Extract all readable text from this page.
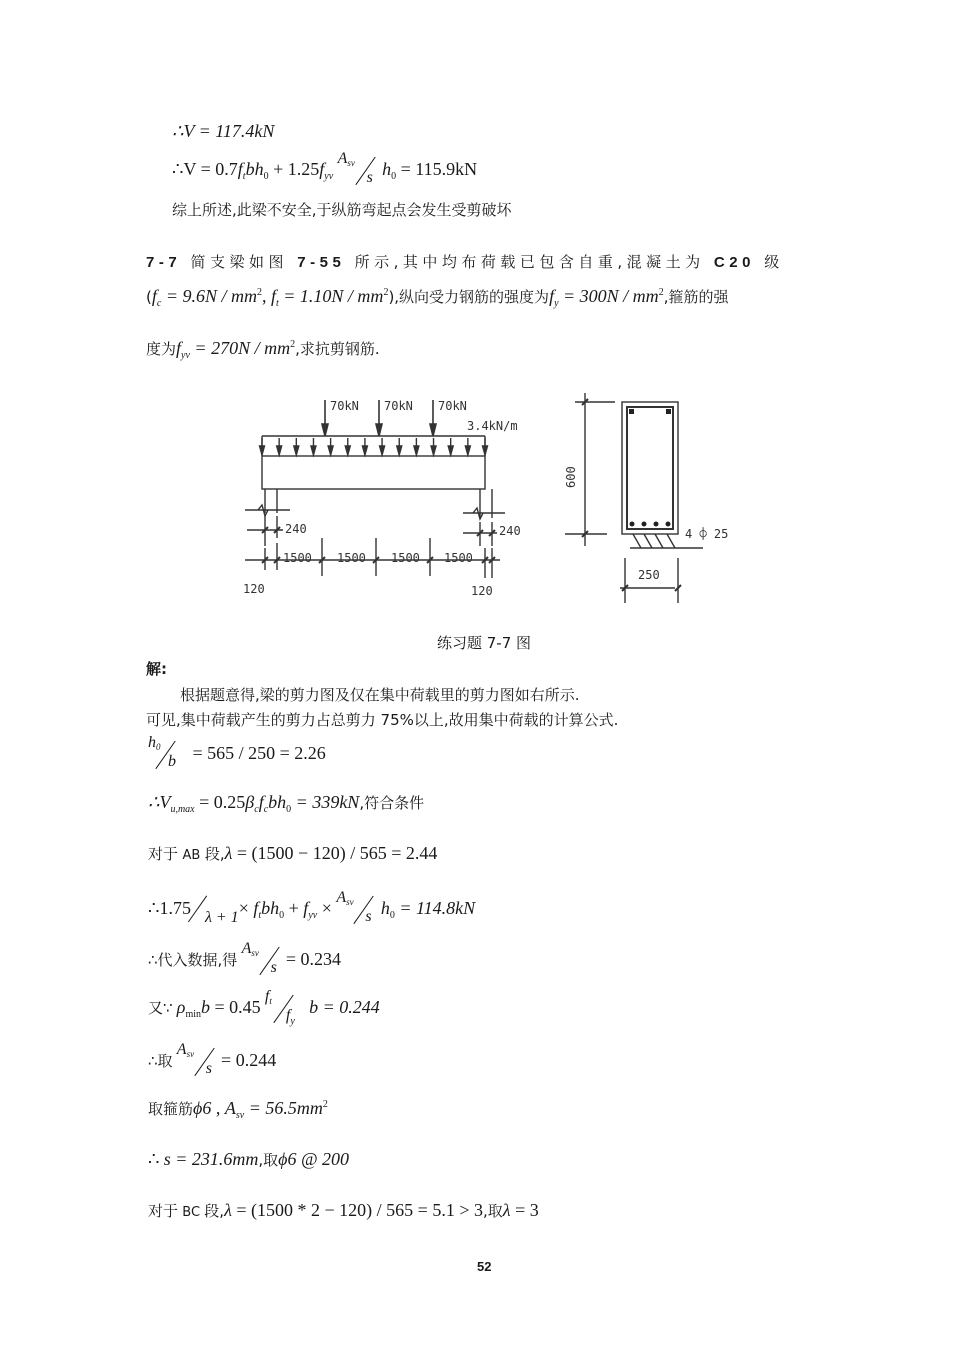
∴V = 117.4kN
∴V = $0.7f_tbh_0 + 1.25f_{yv}$
$A_{sv}$
s $h_0 = 115.9kN$
综上所述,此梁不安全,于纵筋弯起点会发生受剪破坏
7-7 简支梁如图 7-55 所示,其中均布荷载已包含自重,混凝土为 C20 级
($f_c = 9.6N / mm^2$, $f_t = 1.10N / mm^2$),纵向受力钢筋的强度为$f_y = 300N / mm^2$,箍筋的强
度为$f_{yv} = 270N / mm^2$,求抗剪钢筋.
70kN 70kN 70kN
3.4kN/m
240	240
1500 1500 1500 1500
120	120
600
250
4 ⌽ 25
练习题 7-7 图
解:
根据题意得,梁的剪力图及仅在集中荷载里的剪力图如右所示.
可见,集中荷载产生的剪力占总剪力 75%以上,故用集中荷载的计算公式.
$h_0$
b = 565 / 250 = 2.26
$\therefore V_{u,max} = 0.25\beta_cf_cbh_0 = 339kN$,符合条件
对于 AB 段,λ = (1500 − 120) / 565 = 2.44
∴1.75 $\lambda + 1\times f_tbh_0 + f_{yv}$ ×
$A_{sv}$
s $h_0 = 114.8kN$
∴代入数据,得
$A_{sv}$
s = 0.234
又∵ $\rho_{min}b = 0.45$
$f_t$
$f_y$
b = 0.244
∴取
$A_{sv}$
s = 0.244
取箍筋ϕ6 , $A_{sv} = 56.5mm^2$
∴ s = 231.6mm,取ϕ6 @ 200
对于 BC 段,λ = (1500 * 2 − 120) / 565 = 5.1 > 3,取λ = 3
52
